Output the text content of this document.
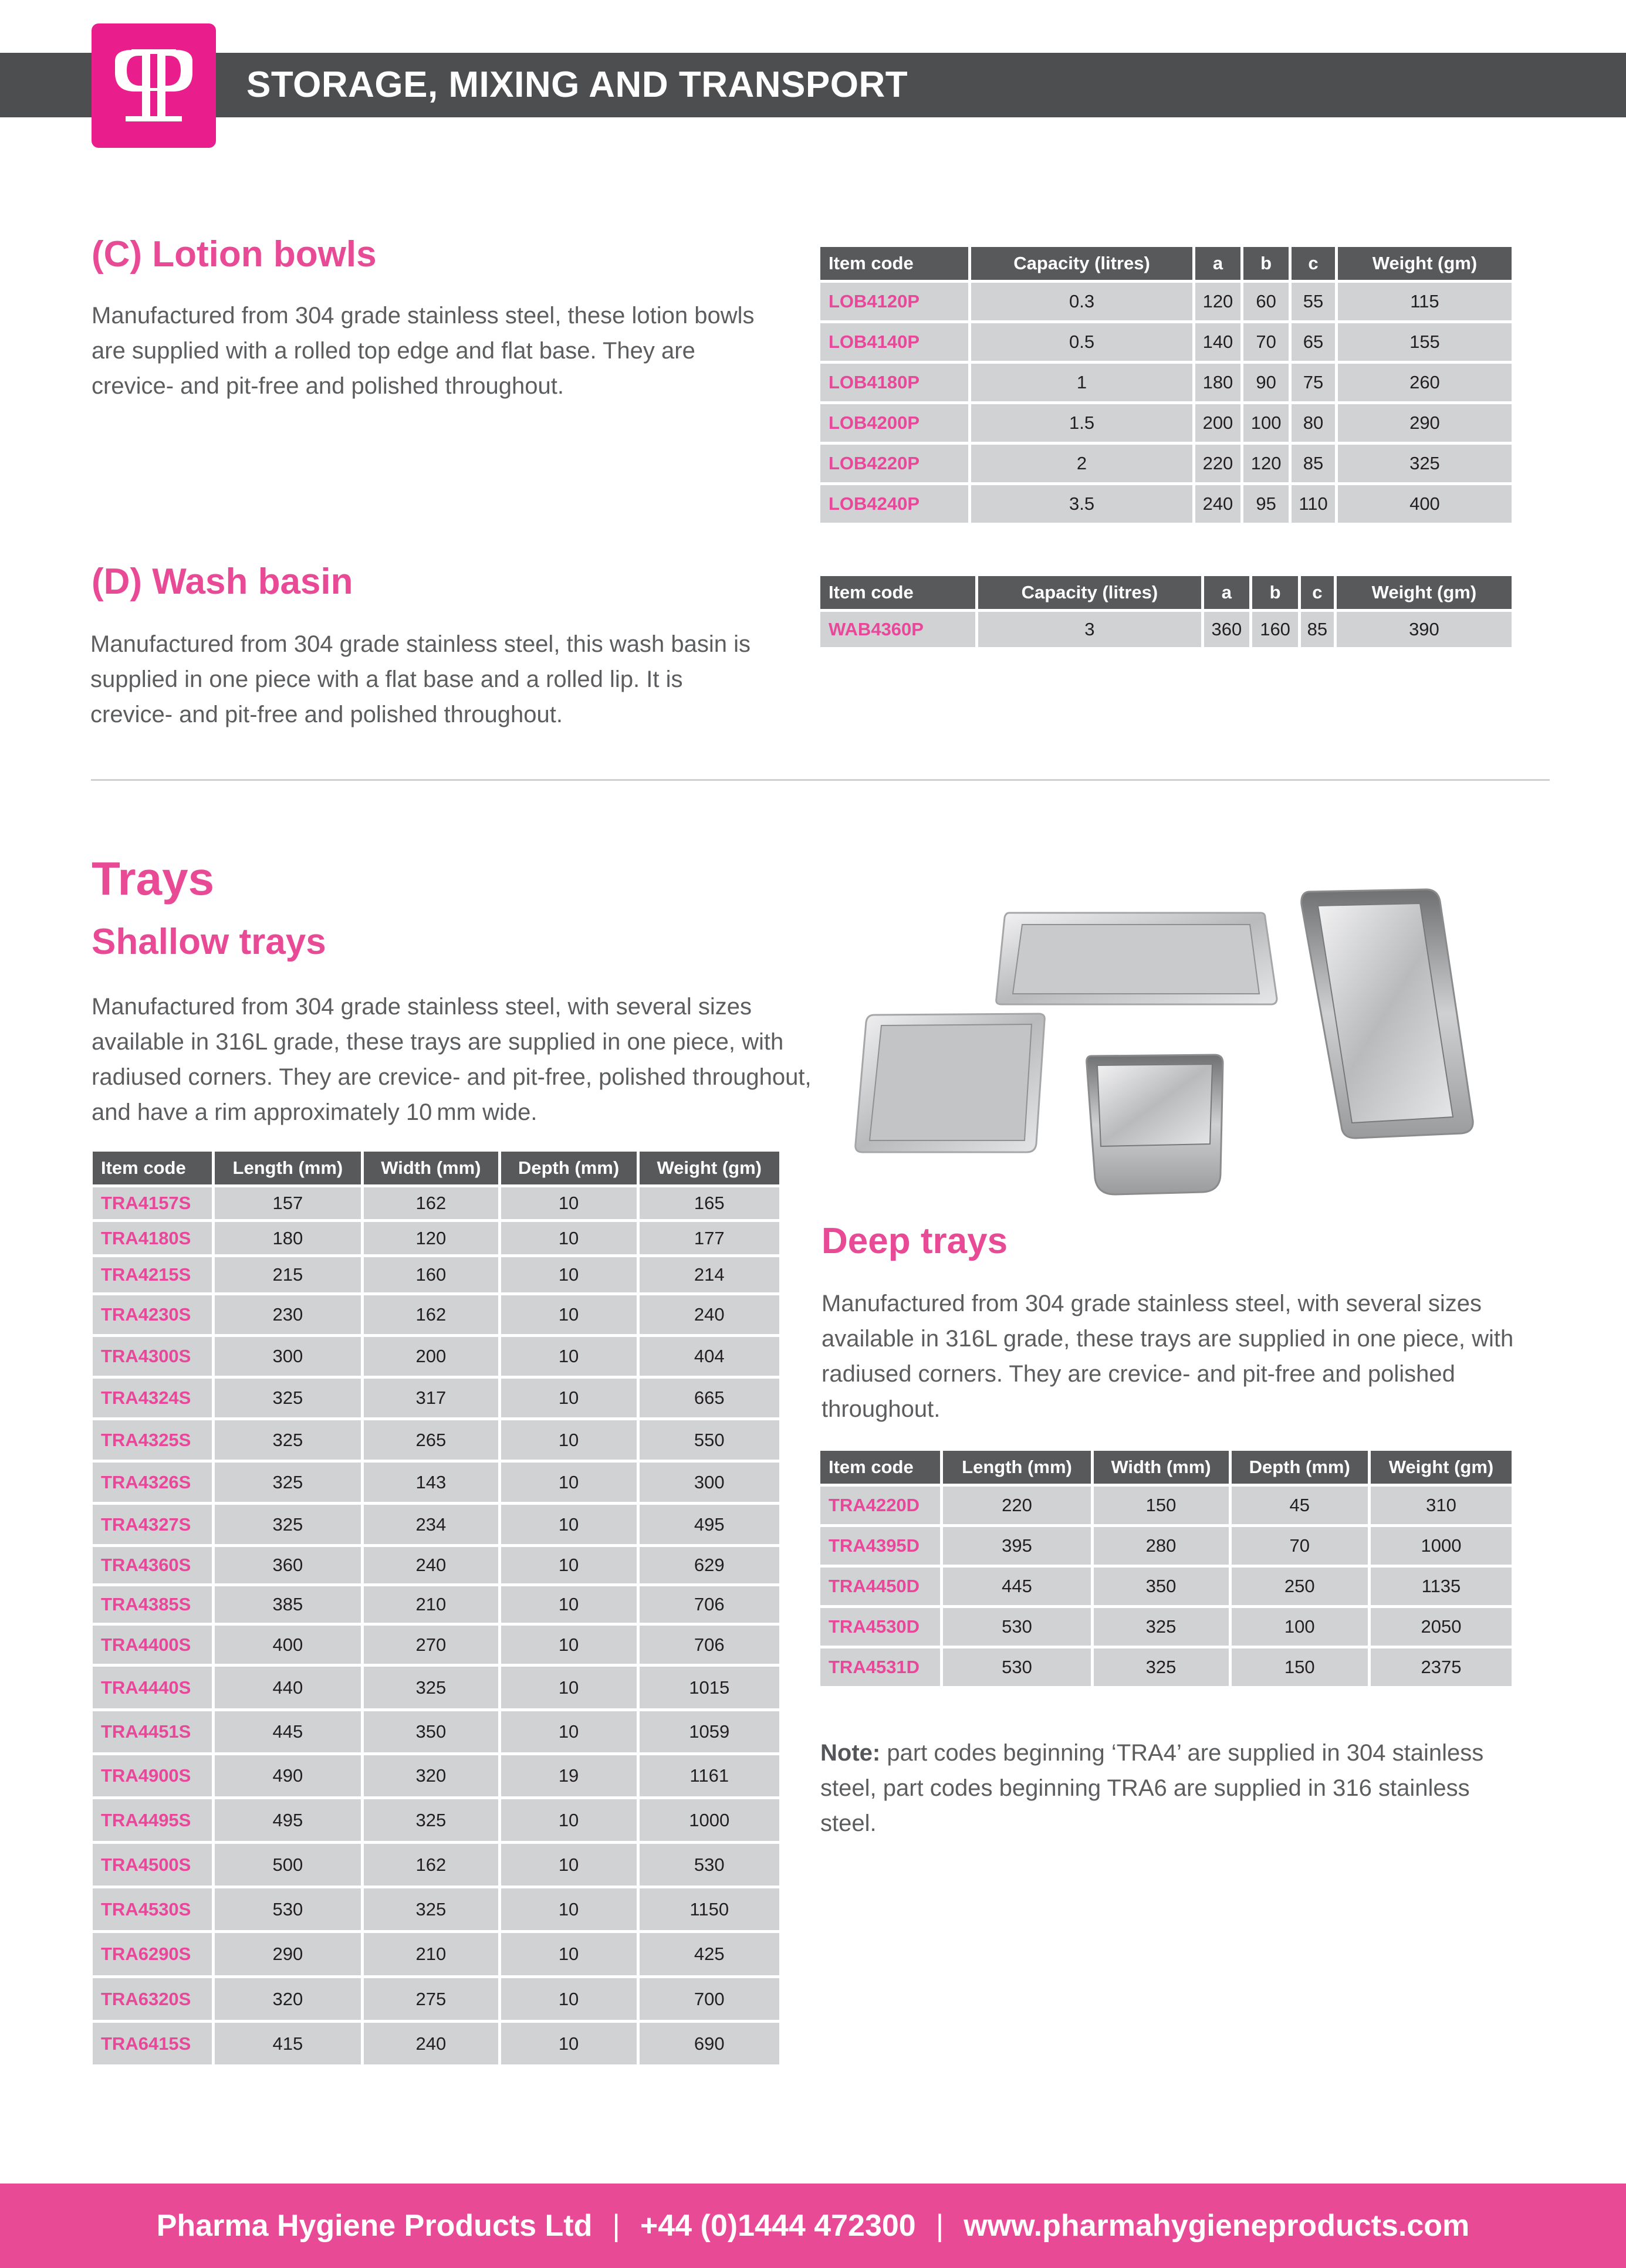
STORAGE, MIXING AND TRANSPORT
(C) Lotion bowls
Manufactured from 304 grade stainless steel, these lotion bowls are supplied with a rolled top edge and flat base. They are crevice- and pit-free and polished throughout.
Item code	Capacity (litres)	a	b	c	Weight (gm)
LOB4120P	0.3	120	60	55	115
LOB4140P	0.5	140	70	65	155
LOB4180P	1	180	90	75	260
LOB4200P	1.5	200	100	80	290
LOB4220P	2	220	120	85	325
LOB4240P	3.5	240	95	110	400
(D) Wash basin
Manufactured from 304 grade stainless steel, this wash basin is supplied in one piece with a flat base and a rolled lip. It is crevice- and pit-free and polished throughout.
Item code	Capacity (litres)	a	b	c	Weight (gm)
WAB4360P	3	360	160	85	390
Trays
Shallow trays
Manufactured from 304 grade stainless steel, with several sizes available in 316L grade, these trays are supplied in one piece, with radiused corners. They are crevice- and pit-free, polished throughout, and have a rim approximately 10 mm wide.
Item code	Length (mm)	Width (mm)	Depth (mm)	Weight (gm)
TRA4157S	157	162	10	165
TRA4180S	180	120	10	177
TRA4215S	215	160	10	214
TRA4230S	230	162	10	240
TRA4300S	300	200	10	404
TRA4324S	325	317	10	665
TRA4325S	325	265	10	550
TRA4326S	325	143	10	300
TRA4327S	325	234	10	495
TRA4360S	360	240	10	629
TRA4385S	385	210	10	706
TRA4400S	400	270	10	706
TRA4440S	440	325	10	1015
TRA4451S	445	350	10	1059
TRA4900S	490	320	19	1161
TRA4495S	495	325	10	1000
TRA4500S	500	162	10	530
TRA4530S	530	325	10	1150
TRA6290S	290	210	10	425
TRA6320S	320	275	10	700
TRA6415S	415	240	10	690
Deep trays
Manufactured from 304 grade stainless steel, with several sizes available in 316L grade, these trays are supplied in one piece, with radiused corners. They are crevice- and pit-free and polished throughout.
Item code	Length (mm)	Width (mm)	Depth (mm)	Weight (gm)
TRA4220D	220	150	45	310
TRA4395D	395	280	70	1000
TRA4450D	445	350	250	1135
TRA4530D	530	325	100	2050
TRA4531D	530	325	150	2375
Note: part codes beginning ‘TRA4’ are supplied in 304 stainless steel, part codes beginning TRA6 are supplied in 316 stainless steel.
Pharma Hygiene Products Ltd | +44 (0)1444 472300 | www.pharmahygieneproducts.com
